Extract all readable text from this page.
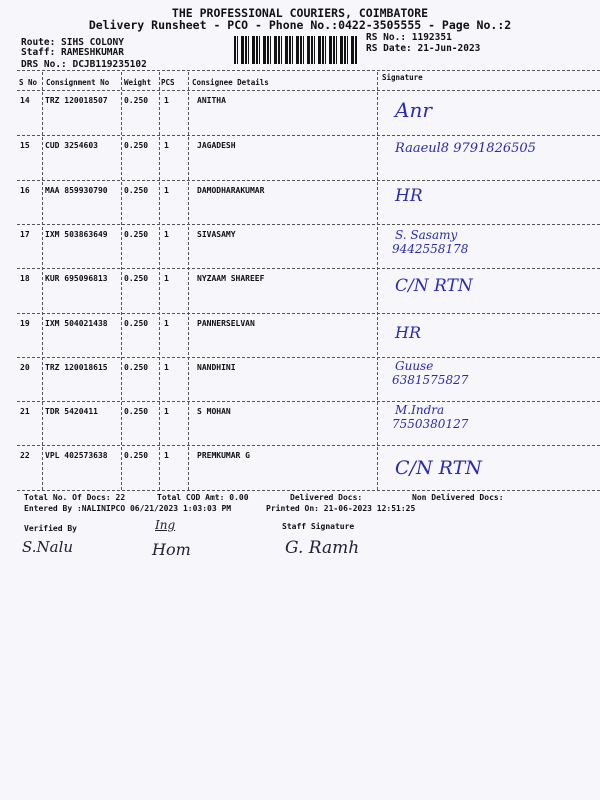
THE PROFESSIONAL COURIERS, COIMBATORE
Delivery Runsheet - PCO - Phone No.:0422-3505555 - Page No.:2
Route: SIHS COLONY
Staff: RAMESHKUMAR
DRS No.: DCJB119235102
RS No.: 1192351
RS Date: 21-Jun-2023
S No Consignment No Weight PCS Consignee Details
Signature
14 TRZ 120018507 0.250 1	ANITHA	Anr
15 CUD 3254603	0.250 1	JAGADESH	Raaeul8 9791826505
16 MAA 859930790 0.250 1	DAMODHARAKUMAR	HR
17 IXM 503863649 0.250 1	SIVASAMY	S. Sasamy
9442558178
18 KUR 695096813 0.250 1	NYZAAM SHAREEF	C/N RTN
19 IXM 504021438 0.250 1	PANNERSELVAN	HR
20 TRZ 120018615 0.250 1	NANDHINI	Guuse
6381575827
21 TDR 5420411	0.250 1	S MOHAN	M.Indra
7550380127
22 VPL 402573638 0.250 1	PREMKUMAR G
C/N RTN
Total No. Of Docs: 22	Total COD Amt: 0.00	Delivered Docs:	Non Delivered Docs:
Entered By :NALINIPCO 06/21/2023 1:03:03 PM	Printed On: 21-06-2023 12:51:25
Verified By	Staff Signature
S.Nalu
Ing
Hom	G. Ramh
